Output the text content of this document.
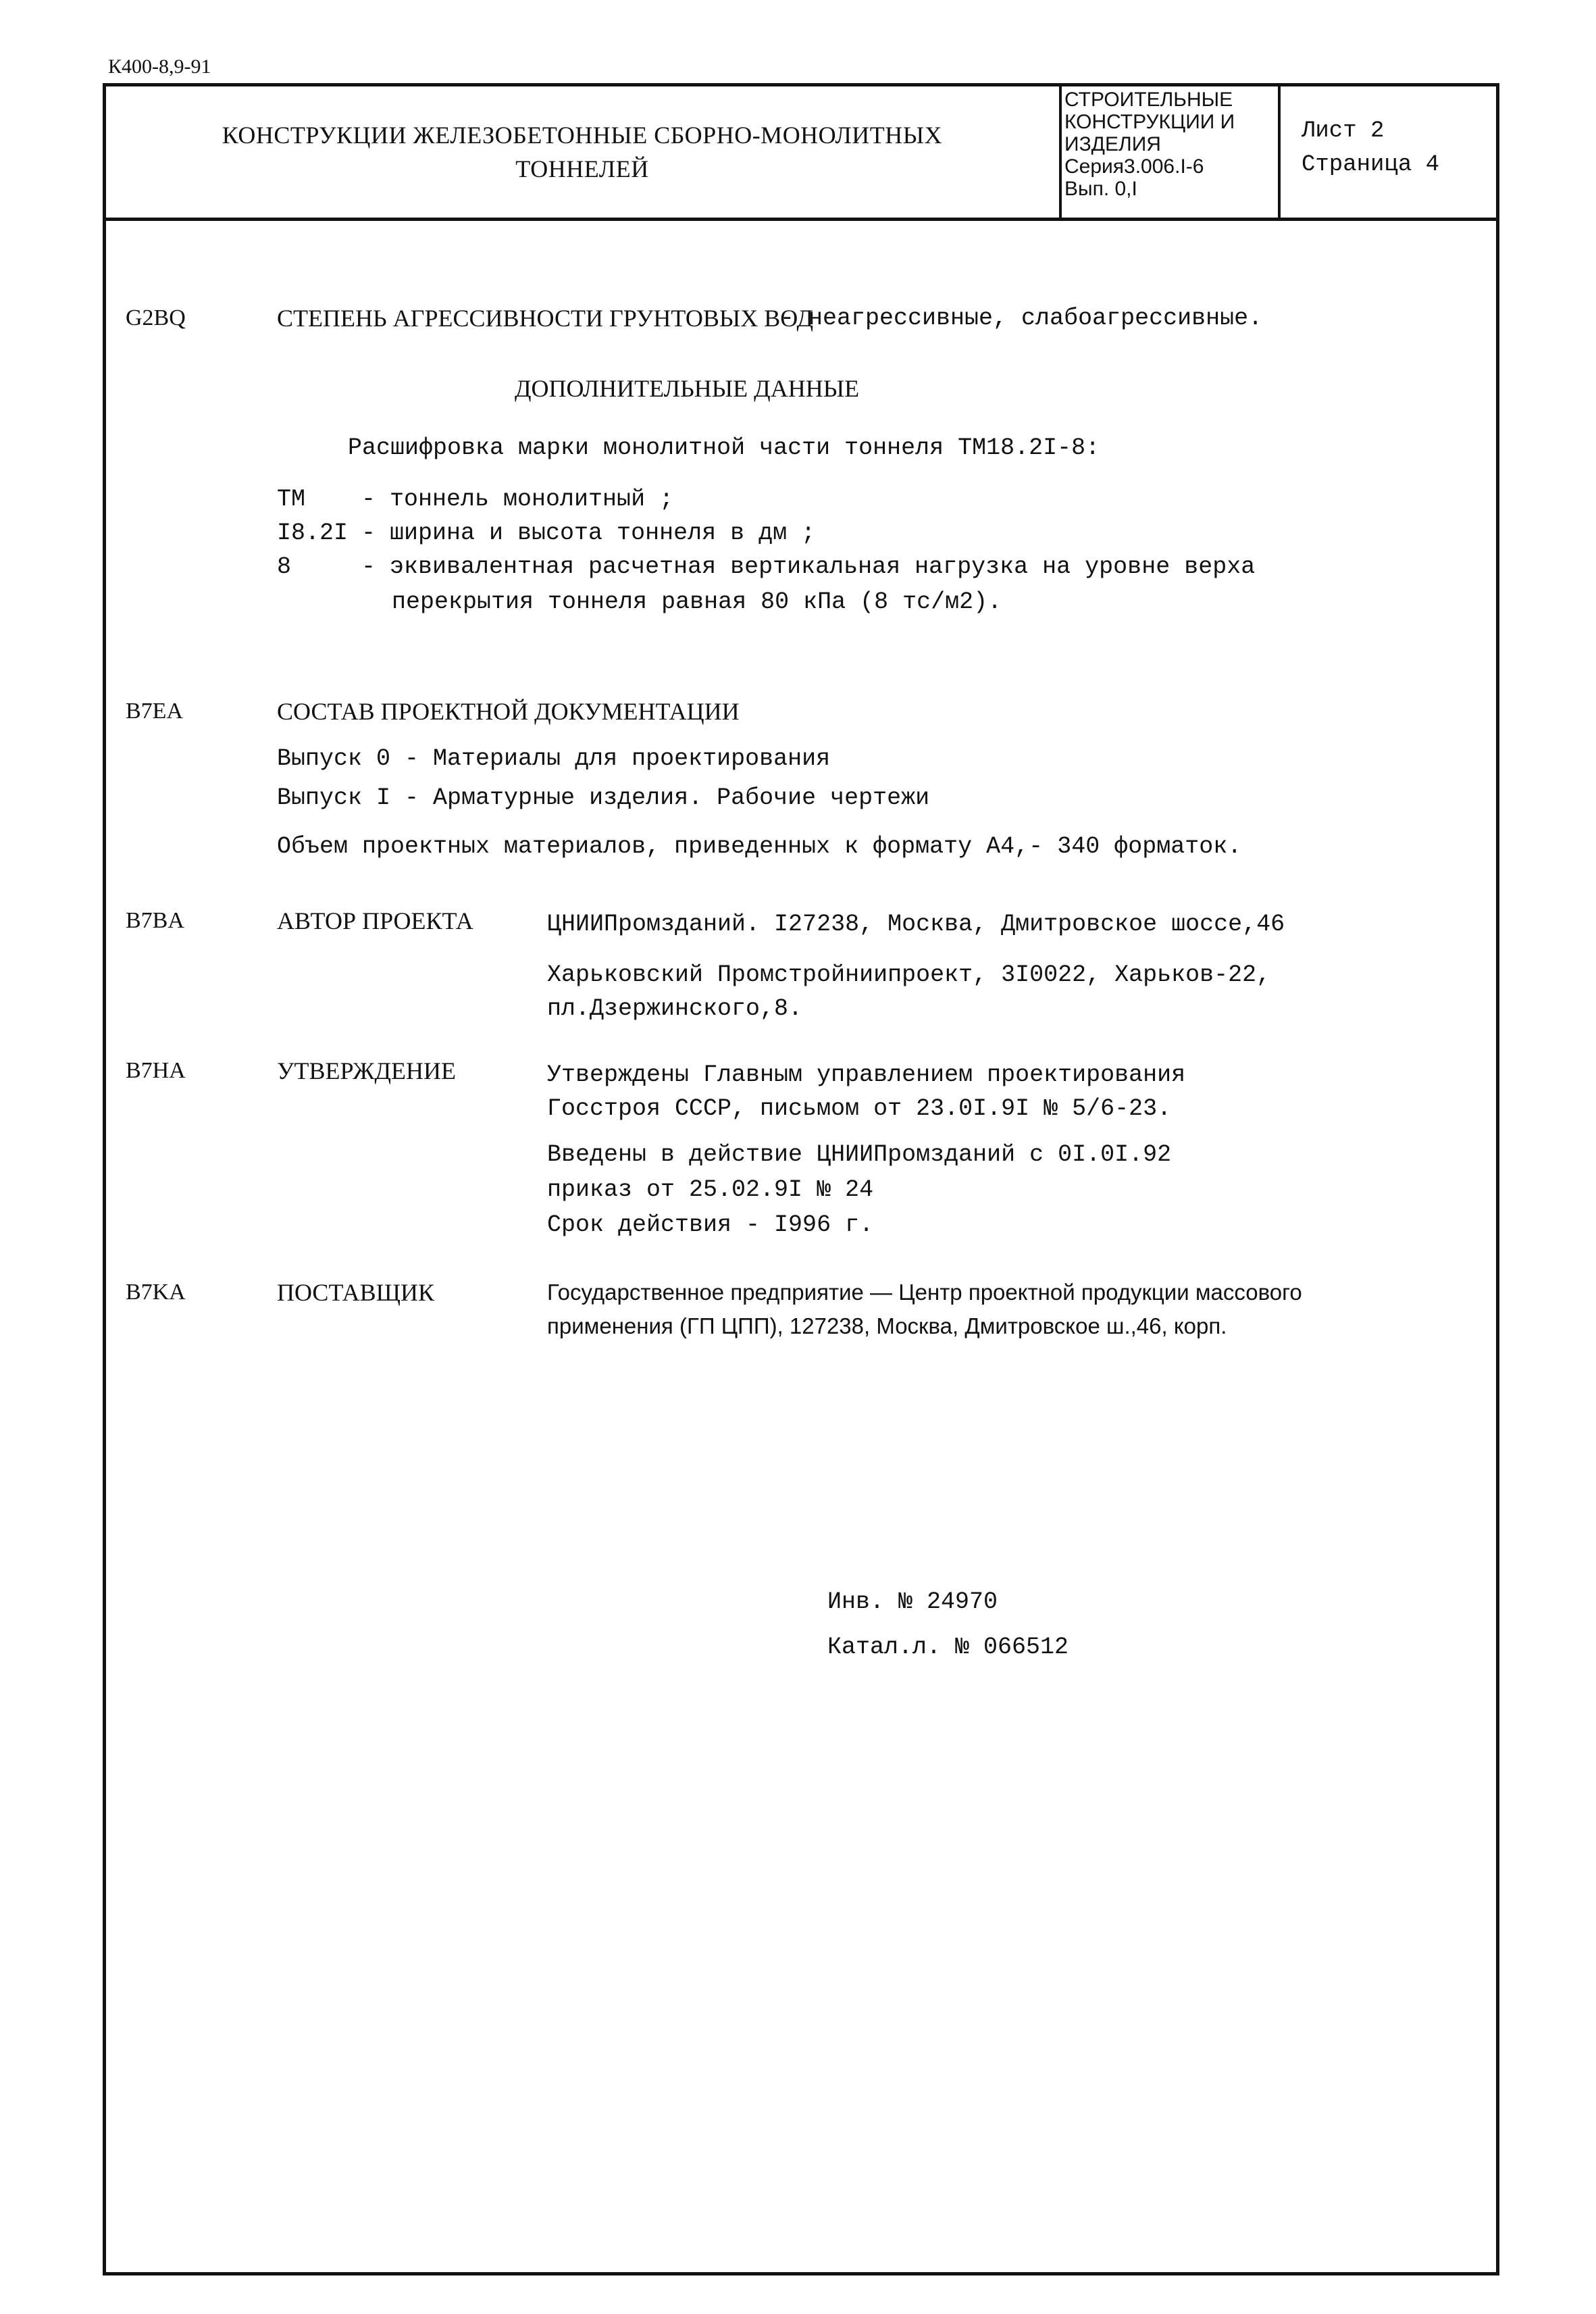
К400-8,9-91
КОНСТРУКЦИИ ЖЕЛЕЗОБЕТОННЫЕ СБОРНО-МОНОЛИТНЫХ
ТОННЕЛЕЙ
СТРОИТЕЛЬНЫЕ
КОНСТРУКЦИИ И
ИЗДЕЛИЯ
Серия3.006.I-6
Вып. 0,I
Лист 2
Страница 4
G2BQ	СТЕПЕНЬ АГРЕССИВНОСТИ ГРУНТОВЫХ ВОД
- неагрессивные, слабоагрессивные.
ДОПОЛНИТЕЛЬНЫЕ ДАННЫЕ
Расшифровка марки монолитной части тоннеля ТМ18.2I-8:
ТМ - тоннель монолитный ;
I8.2I - ширина и высота тоннеля в дм ;
8	- эквивалентная расчетная вертикальная нагрузка на уровне верха
перекрытия тоннеля равная 80 кПа (8 тс/м2).
B7EA	СОСТАВ ПРОЕКТНОЙ ДОКУМЕНТАЦИИ
Выпуск 0 - Материалы для проектирования
Выпуск I - Арматурные изделия. Рабочие чертежи
Объем проектных материалов, приведенных к формату А4,- 340 форматок.
B7BA	АВТОР ПРОЕКТА	ЦНИИПромзданий. I27238, Москва, Дмитровское шоссе,46
Харьковский Промстройниипроект, 3I0022, Харьков-22,
пл.Дзержинского,8.
B7HA	УТВЕРЖДЕНИЕ	Утверждены Главным управлением проектирования
Госстроя СССР, письмом от 23.0I.9I № 5/6-23.
Введены в действие ЦНИИПромзданий с 0I.0I.92
приказ от 25.02.9I № 24
Срок действия - I996 г.
B7KA	ПОСТАВЩИК	Государственное предприятие — Центр проектной продукции массового
применения (ГП ЦПП), 127238, Москва, Дмитровское ш.,46, корп.
Инв. № 24970
Катал.л. № 066512
